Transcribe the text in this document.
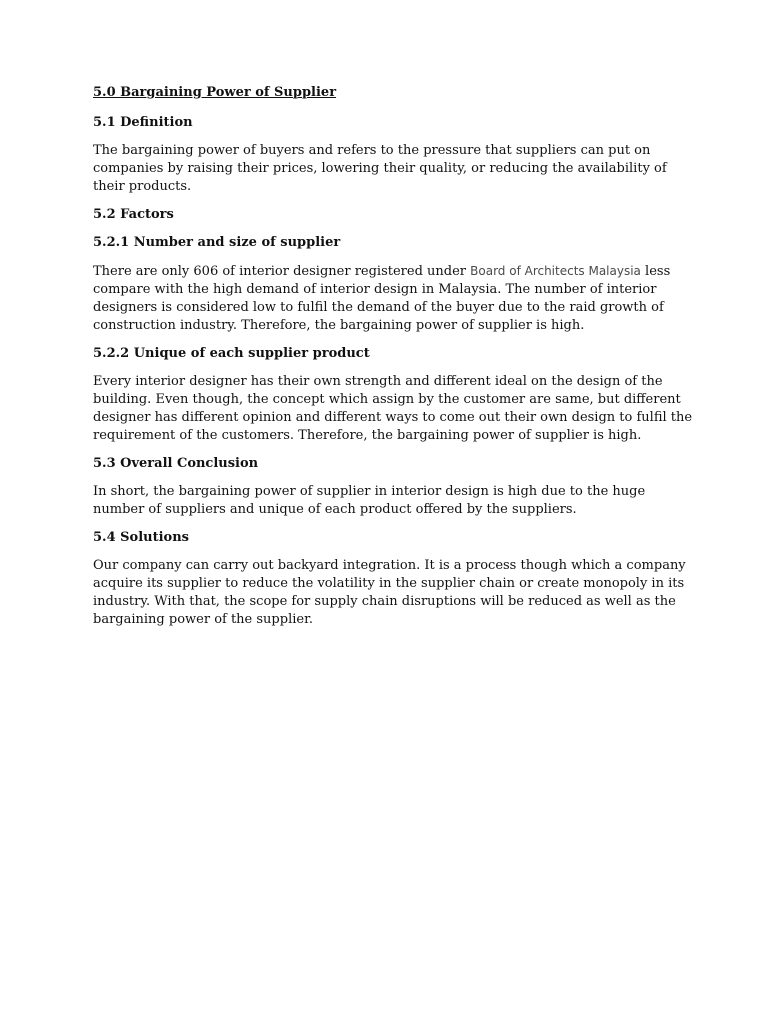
5.0 Bargaining Power of Supplier
5.1 Definition
The bargaining power of buyers and refers to the pressure that suppliers can put on companies by raising their prices, lowering their quality, or reducing the availability of their products.
5.2 Factors
5.2.1 Number and size of supplier
There are only 606 of interior designer registered under Board of Architects Malaysia less compare with the high demand of interior design in Malaysia. The number of interior designers is considered low to fulfil the demand of the buyer due to the raid growth of construction industry. Therefore, the bargaining power of supplier is high.
5.2.2 Unique of each supplier product
Every interior designer has their own strength and different ideal on the design of the building. Even though, the concept which assign by the customer are same, but different designer has different opinion and different ways to come out their own design to fulfil the requirement of the customers. Therefore, the bargaining power of supplier is high.
5.3 Overall Conclusion
In short, the bargaining power of supplier in interior design is high due to the huge number of suppliers and unique of each product offered by the suppliers.
5.4 Solutions
Our company can carry out backyard integration. It is a process though which a company acquire its supplier to reduce the volatility in the supplier chain or create monopoly in its industry. With that, the scope for supply chain disruptions will be reduced as well as the bargaining power of the supplier.
